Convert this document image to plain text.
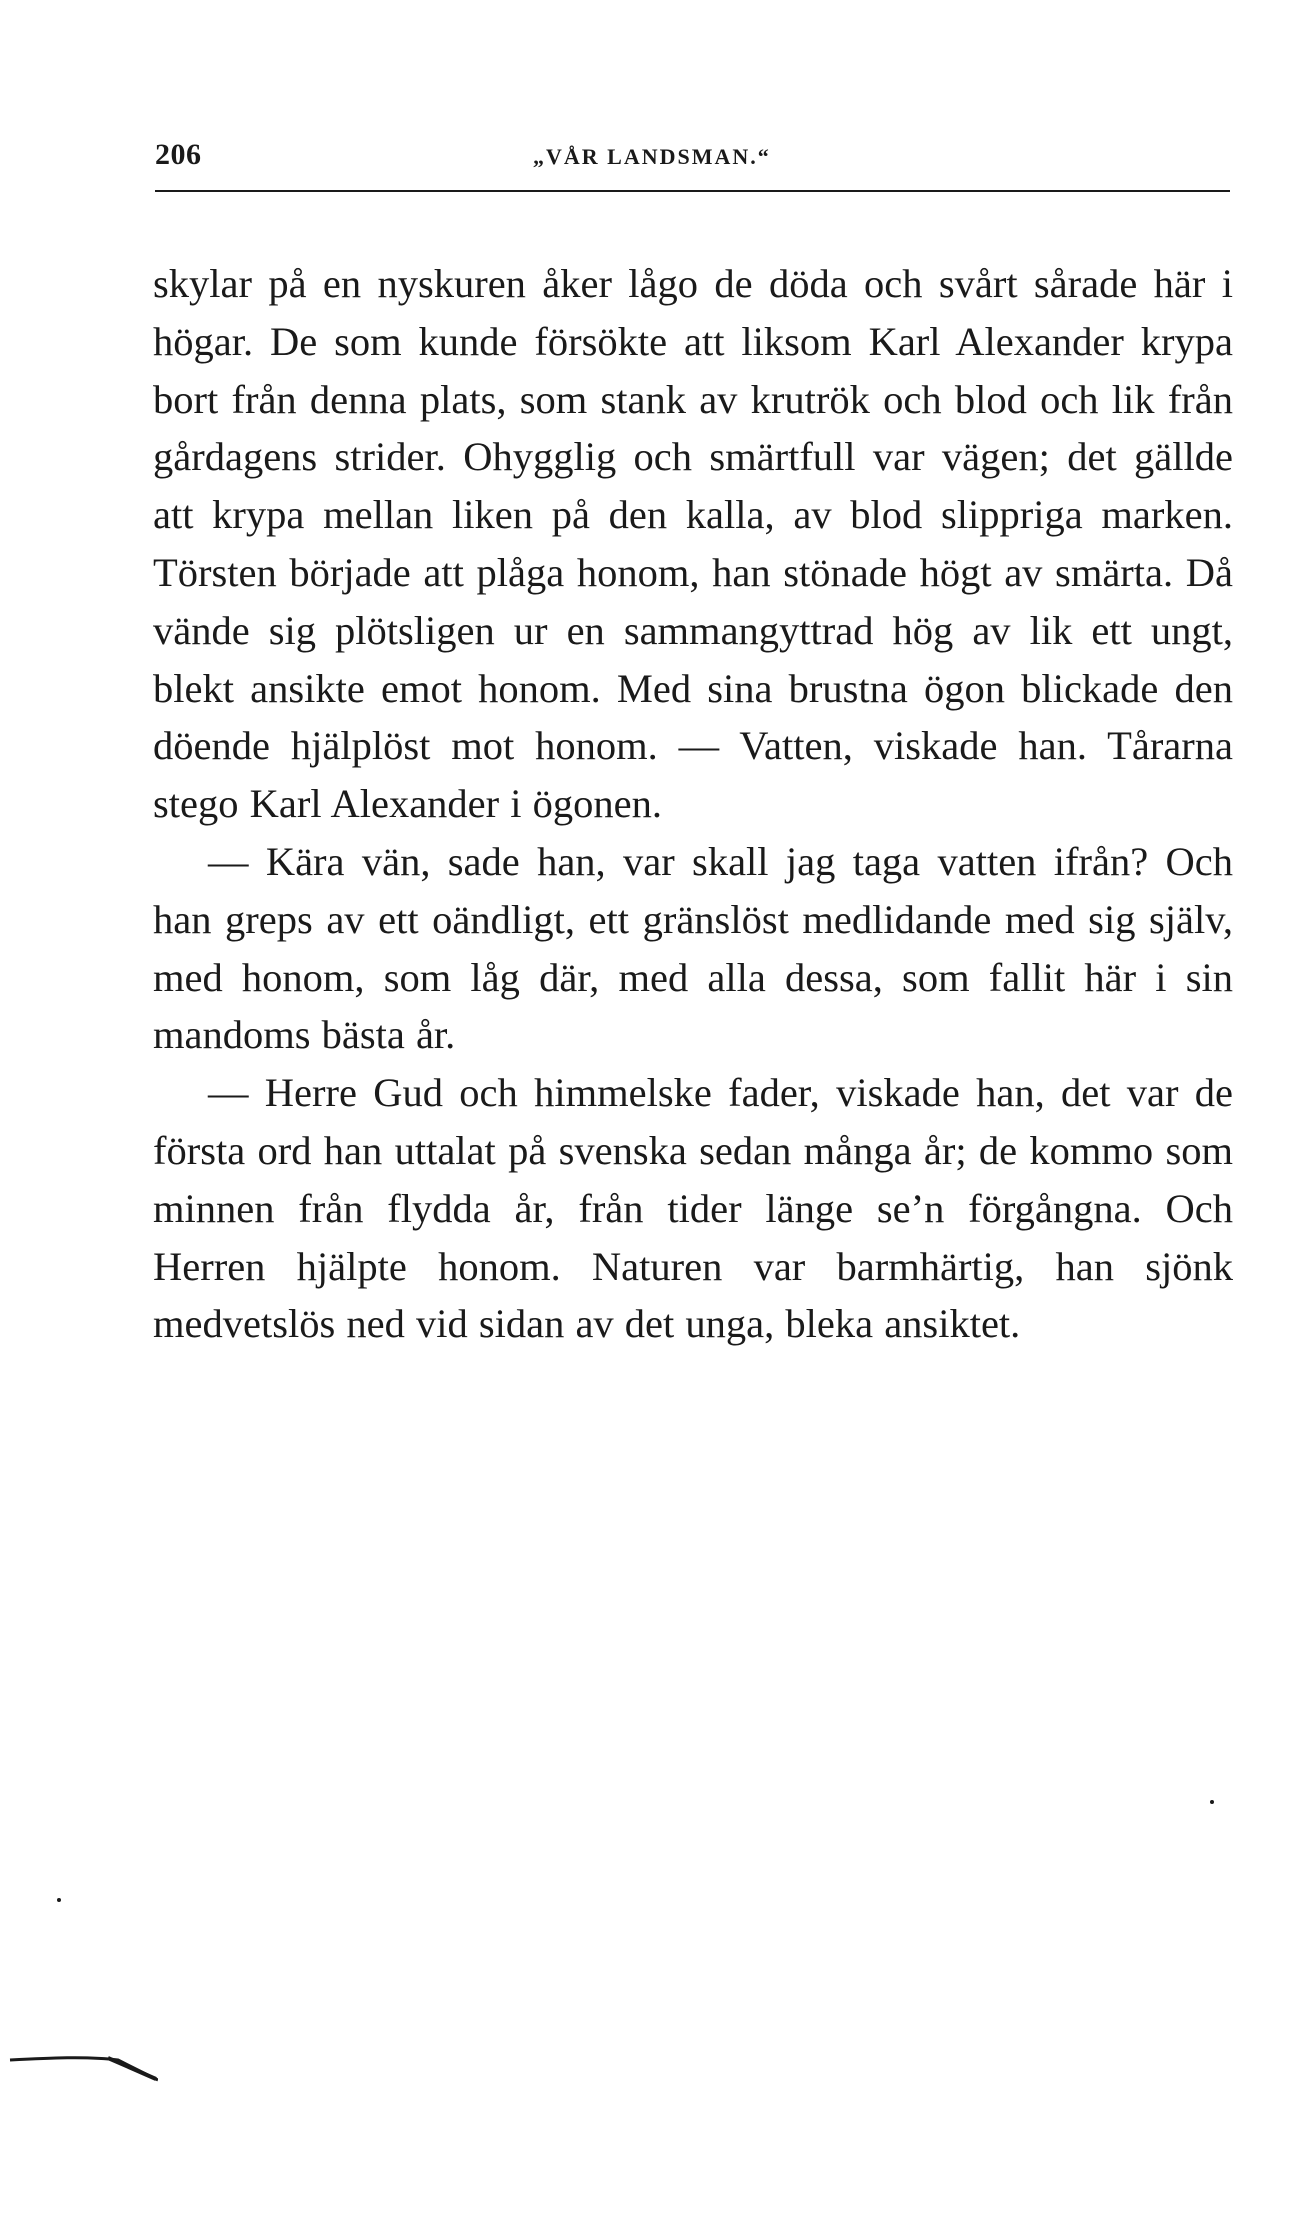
206	„VÅR LANDSMAN.“

skylar på en nyskuren åker lågo de döda och svårt sårade här i högar. De som kunde försökte att liksom Karl Alexander krypa bort från denna plats, som stank av krutrök och blod och lik från gårdagens strider. Ohygglig och smärtfull var vägen; det gällde att krypa mellan liken på den kalla, av blod slippriga marken. Törsten började att plåga honom, han stönade högt av smärta. Då vände sig plötsligen ur en sammangyttrad hög av lik ett ungt, blekt ansikte emot honom. Med sina brustna ögon blickade den döende hjälplöst mot honom. — Vatten, viskade han. Tårarna stego Karl Alexander i ögonen.

— Kära vän, sade han, var skall jag taga vatten ifrån? Och han greps av ett oändligt, ett gränslöst medlidande med sig själv, med honom, som låg där, med alla dessa, som fallit här i sin mandoms bästa år.

— Herre Gud och himmelske fader, viskade han, det var de första ord han uttalat på svenska sedan många år; de kommo som minnen från flydda år, från tider länge se’n förgångna. Och Herren hjälpte honom. Naturen var barmhärtig, han sjönk medvetslös ned vid sidan av det unga, bleka ansiktet.
